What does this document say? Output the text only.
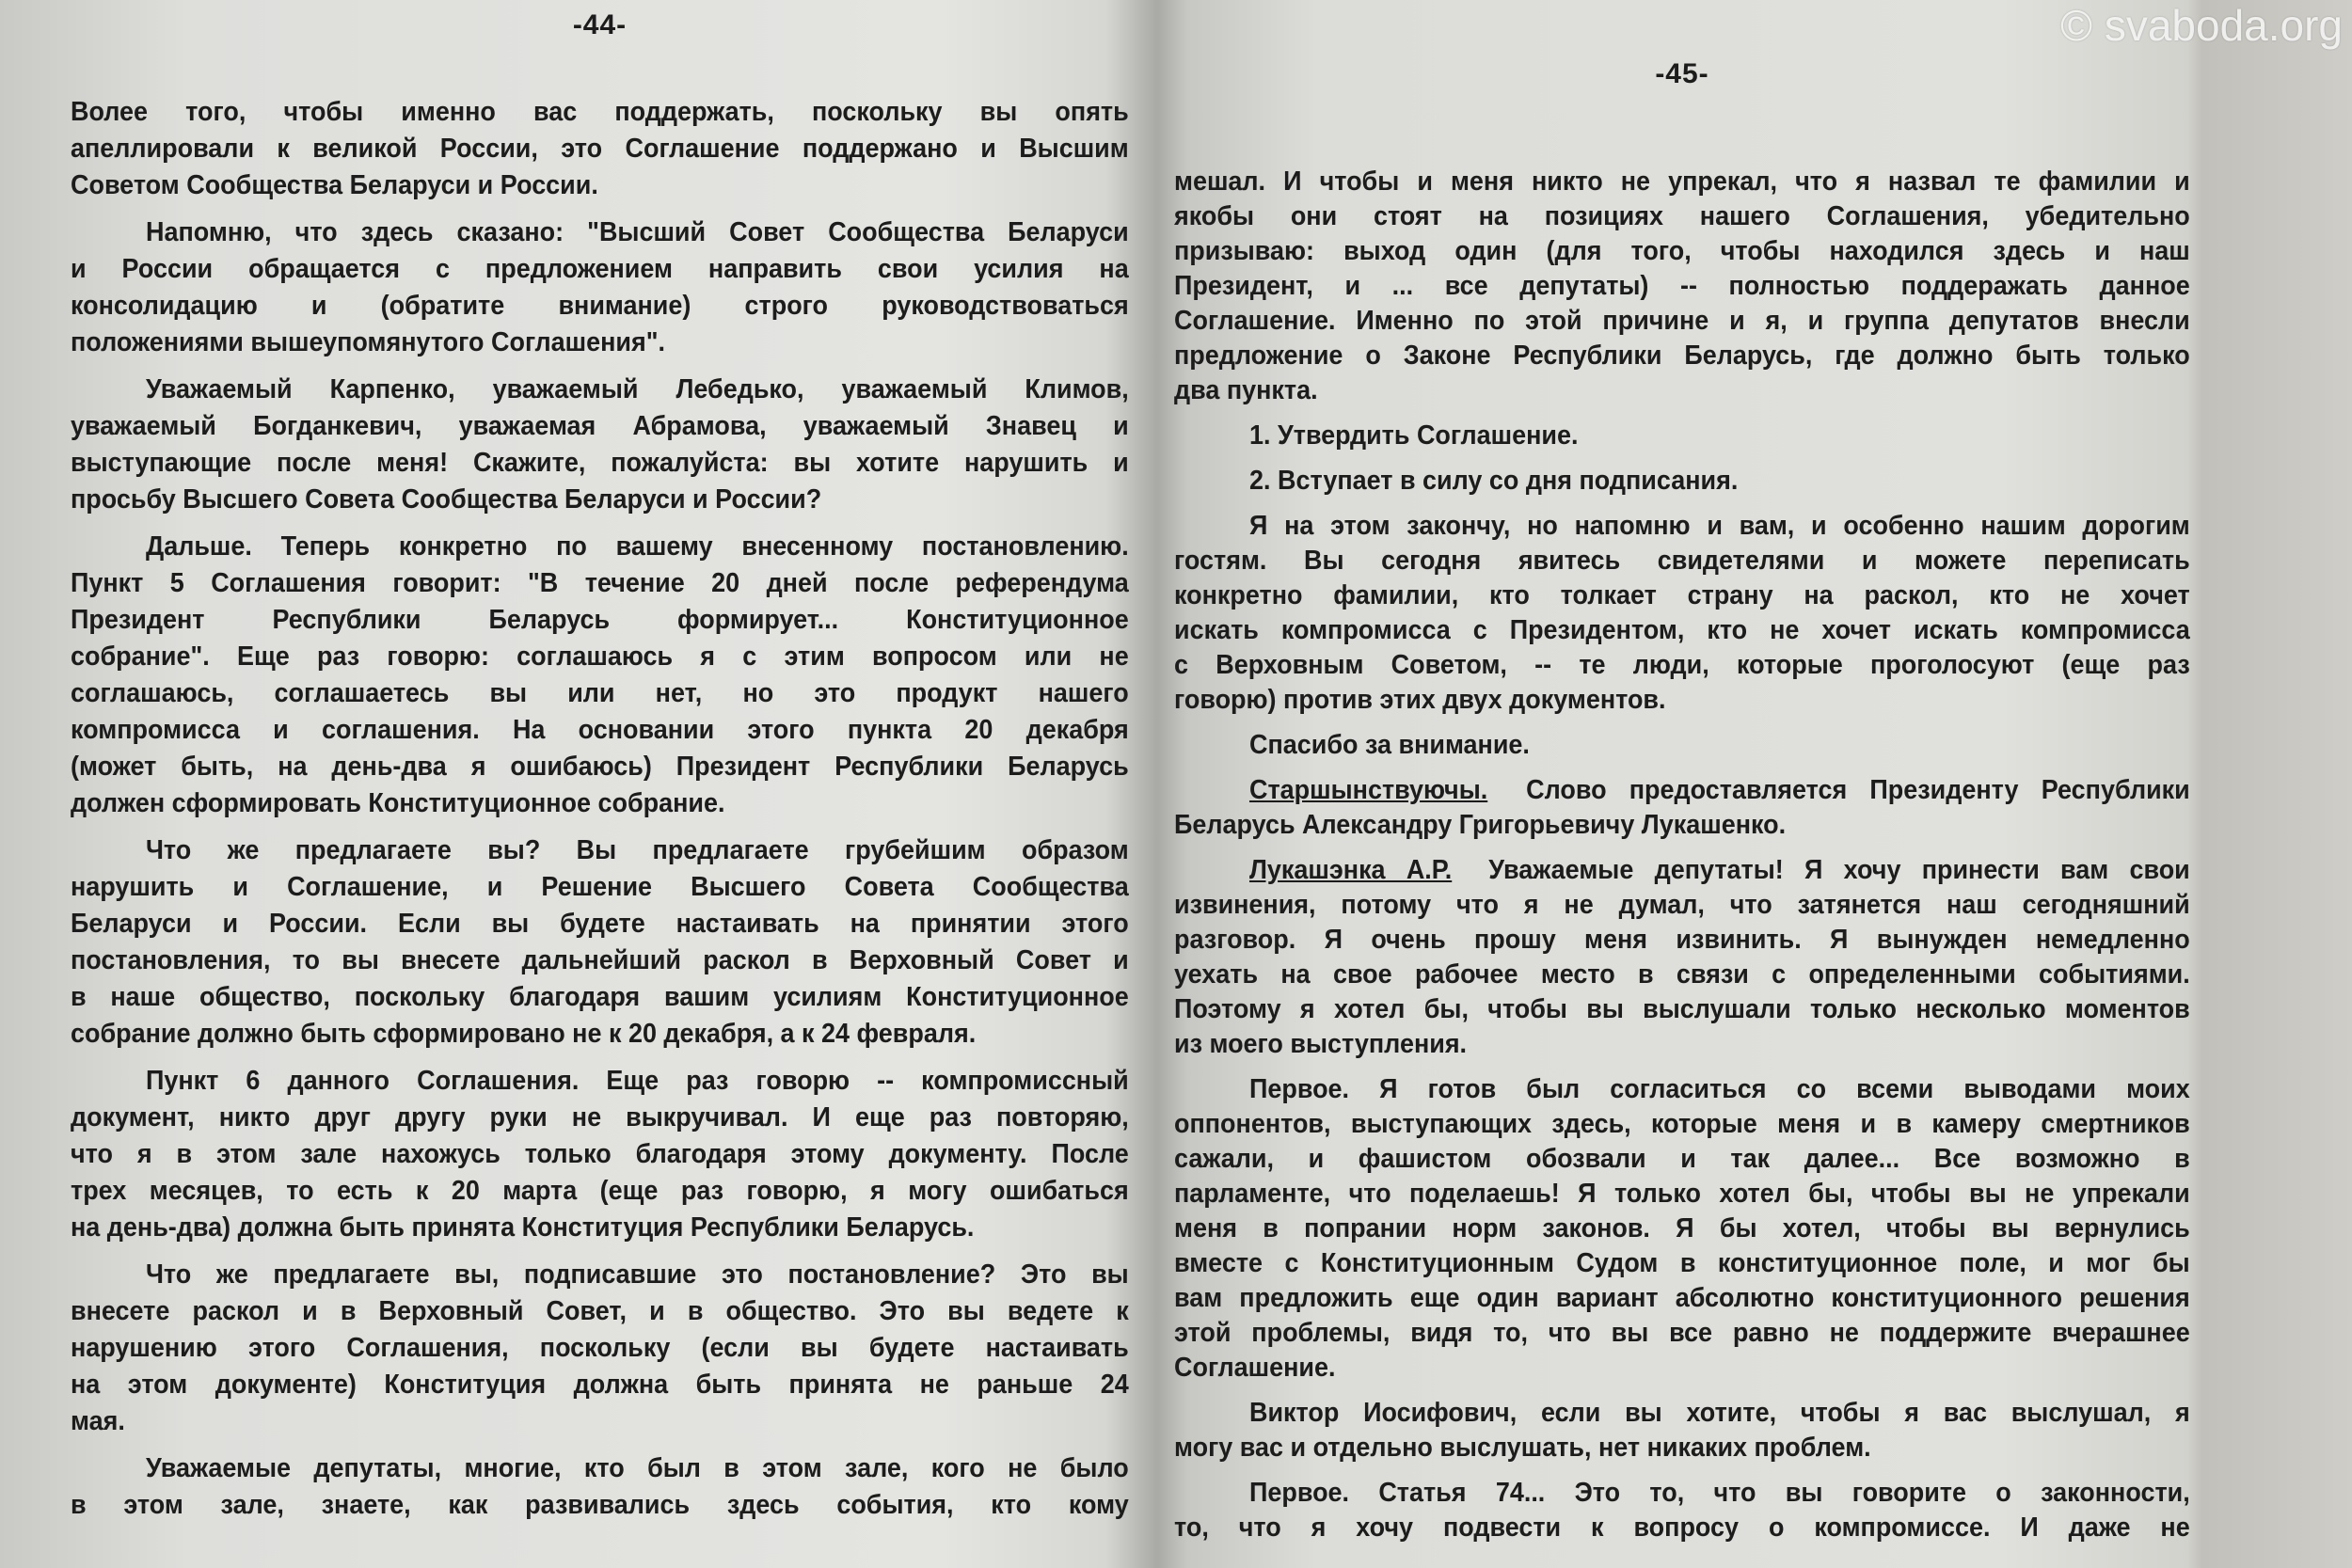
-44-
Волее того, чтобы именно вас поддержать, поскольку вы опять
апеллировали к великой России, это Соглашение поддержано и Высшим
Советом Сообщества Беларуси и России.
Напомню, что здесь сказано: "Высший Совет Сообщества Беларуси
и России обращается с предложением направить свои усилия на
консолидацию и (обратите внимание) строго руководствоваться
положениями вышеупомянутого Соглашения".
Уважаемый Карпенко, уважаемый Лебедько, уважаемый Климов,
уважаемый Богданкевич, уважаемая Абрамова, уважаемый Знавец и
выступающие после меня! Скажите, пожалуйста: вы хотите нарушить и
просьбу Высшего Совета Сообщества Беларуси и России?
Дальше. Теперь конкретно по вашему внесенному постановлению.
Пункт 5 Соглашения говорит: "В течение 20 дней после референдума
Президент Республики Беларусь формирует... Конституционное
собрание". Еще раз говорю: соглашаюсь я с этим вопросом или не
соглашаюсь, соглашаетесь вы или нет, но это продукт нашего
компромисса и соглашения. На основании этого пункта 20 декабря
(может быть, на день-два я ошибаюсь) Президент Республики Беларусь
должен сформировать Конституционное собрание.
Что же предлагаете вы? Вы предлагаете грубейшим образом
нарушить и Соглашение, и Решение Высшего Совета Сообщества
Беларуси и России. Если вы будете настаивать на принятии этого
постановления, то вы внесете дальнейший раскол в Верховный Совет и
в наше общество, поскольку благодаря вашим усилиям Конституционное
собрание должно быть сформировано не к 20 декабря, а к 24 февраля.
Пункт 6 данного Соглашения. Еще раз говорю -- компромиссный
документ, никто друг другу руки не выкручивал. И еще раз повторяю,
что я в этом зале нахожусь только благодаря этому документу. После
трех месяцев, то есть к 20 марта (еще раз говорю, я могу ошибаться
на день-два) должна быть принята Конституция Республики Беларусь.
Что же предлагаете вы, подписавшие это постановление? Это вы
внесете раскол и в Верховный Совет, и в общество. Это вы ведете к
нарушению этого Соглашения, поскольку (если вы будете настаивать
на этом документе) Конституция должна быть принята не раньше 24
мая.
Уважаемые депутаты, многие, кто был в этом зале, кого не было
в этом зале, знаете, как развивались здесь события, кто кому
-45-
мешал. И чтобы и меня никто не упрекал, что я назвал те фамилии и
якобы они стоят на позициях нашего Соглашения, убедительно
призываю: выход один (для того, чтобы находился здесь и наш
Президент, и ... все депутаты) -- полностью поддеражать данное
Соглашение. Именно по этой причине и я, и группа депутатов внесли
предложение о Законе Республики Беларусь, где должно быть только
два пункта.
1. Утвердить Соглашение.
2. Вступает в силу со дня подписания.
Я на этом закончу, но напомню и вам, и особенно нашим дорогим
гостям. Вы сегодня явитесь свидетелями и можете переписать
конкретно фамилии, кто толкает страну на раскол, кто не хочет
искать компромисса с Президентом, кто не хочет искать компромисса
с Верховным Советом, -- те люди, которые проголосуют (еще раз
говорю) против этих двух документов.
Спасибо за внимание.
Старшынствуючы. Слово предоставляется Президенту Республики
Беларусь Александру Григорьевичу Лукашенко.
Лукашэнка А.Р. Уважаемые депутаты! Я хочу принести вам свои
извинения, потому что я не думал, что затянется наш сегодняшний
разговор. Я очень прошу меня извинить. Я вынужден немедленно
уехать на свое рабочее место в связи с определенными событиями.
Поэтому я хотел бы, чтобы вы выслушали только несколько моментов
из моего выступления.
Первое. Я готов был согласиться со всеми выводами моих
оппонентов, выступающих здесь, которые меня и в камеру смертников
сажали, и фашистом обозвали и так далее... Все возможно в
парламенте, что поделаешь! Я только хотел бы, чтобы вы не упрекали
меня в попрании норм законов. Я бы хотел, чтобы вы вернулись
вместе с Конституционным Судом в конституционное поле, и мог бы
вам предложить еще один вариант абсолютно конституционного решения
этой проблемы, видя то, что вы все равно не поддержите вчерашнее
Соглашение.
Виктор Иосифович, если вы хотите, чтобы я вас выслушал, я
могу вас и отдельно выслушать, нет никаких проблем.
Первое. Статья 74... Это то, что вы говорите о законности,
то, что я хочу подвести к вопросу о компромиссе. И даже не
© svaboda.org
